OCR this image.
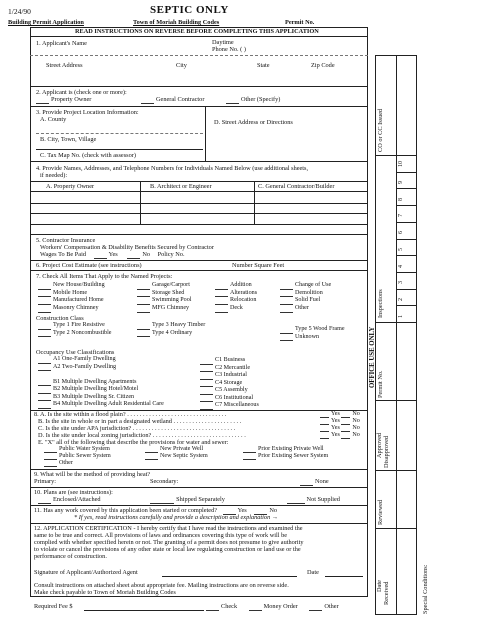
1/24/90	SEPTIC ONLY
Building Permit Application	Town of Moriah Building Codes	Permit No.
READ INSTRUCTIONS ON REVERSE BEFORE COMPLETING THIS APPLICATION
1. Applicant's Name	Daytime
Phone No. ( )
Street Address	City	State	Zip Code
2. Applicant is (check one or more):
Property Owner	General Contractor	Other (Specify)
3. Provide Project Location Information:
A. County	D. Street Address or Directions
B. City, Town, Village
C. Tax Map No. (check with assessor)
4. Provide Names, Addresses, and Telephone Numbers for Individuals Named Below (use additional sheets,
if needed):
A. Property Owner	B. Architect or Engineer	C. General Contractor/Builder
5. Contractor Insurance
Workers' Compensation & Disability Benefits Secured by Contractor
Wages To Be Paid	Yes	No Policy No.
6. Project Cost Estimate (see instructions)	Number Square Feet
7. Check All Items That Apply to the Named Projects:
New House/Building
Mobile Home
Manufactured Home
Masonry Chimney
Garage/Carport
Storage Shed
Swimming Pool
MFG Chimney
Addition
Alterations
Relocation
Deck
Change of Use
Demolition
Solid Fuel
Other
Construction Class
Type 1 Fire Resistive
Type 2 Noncombustible
Type 3 Heavy Timber
Type 4 Ordinary
Type 5 Wood Frame
Unknown
Occupancy Use Classifications
A1 One-Family Dwelling
A2 Two-Family Dwelling
B1 Multiple Dwelling Apartments
B2 Multiple Dwelling Hotel/Motel
B3 Multiple Dwelling Sr. Citizen
B4 Multiple Dwelling Adult Residential Care
C1 Business
C2 Mercantile
C3 Industrial
C4 Storage
C5 Assembly
C6 Institutional
C7 Miscellaneous
8. A. Is the site within a flood plain? . . . . . . . . . . . . . . . . . . . . . . . . . . . . . . . .
B. Is the site in whole or in part a designated wetland . . . . . . . . . . . . . . . . . . . . . .
C. Is the site under APA jurisdiction? . . . . . . . . . . . . . . . . . . . . . . . . . . . . . . . . .
D. Is the site under local zoning jurisdiction? . . . . . . . . . . . . . . . . . . . . . . . . . . . . . .
Yes No
Yes No
Yes No
Yes No
E. "X" all of the following that describe the provisions for water and sewer:
Public Water System
Public Sewer System
Other
New Private Well
New Septic System
Prior Existing Private Well
Prior Existing Sewer System
9. What will be the method of providing heat?
Primary:	Secondary:	None
10. Plans are (see instructions):
Enclosed/Attached	Shipped Separately	Not Supplied
11. Has any work covered by this application been started or completed?	Yes	No
* If yes, read instructions carefully and provide a description and explanation →
12. APPLICATION CERTIFICATION - I hereby certify that I have read the instructions and examined the
same to be true and correct. All provisions of laws and ordinances covering this type of work will be
complied with whether specified herein or not. The granting of a permit does not presume to give authority
to violate or cancel the provisions of any other state or local law regulating construction or land use or the
performance of construction.
Signature of Applicant/Authorized Agent	Date
Consult instructions on attached sheet about appropriate fee. Mailing instructions are on reverse side.
Make check payable to Town of Moriah Building Codes
Required Fee $	Check	Money Order	Other
CO or CC Issued
Inspections 1
2
3
4
5
6
7
8
9
10
OFFICE USE ONLY Permit No.
Approved Disapproved
Reviewed
Date Received	Special Conditions:
